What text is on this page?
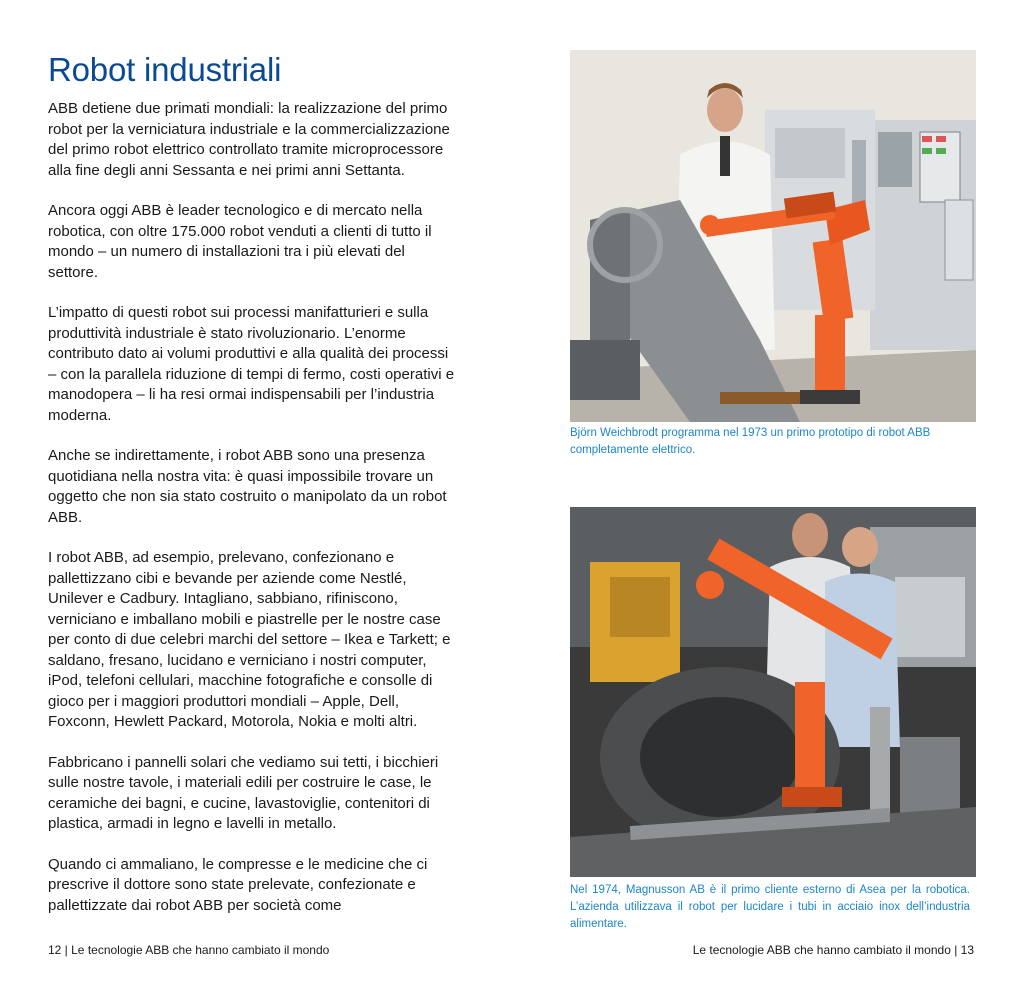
Robot industriali

ABB detiene due primati mondiali: la realizzazione del primo robot per la verniciatura industriale e la commercializzazione del primo robot elettrico controllato tramite microprocessore alla fine degli anni Sessanta e nei primi anni Settanta.

Ancora oggi ABB è leader tecnologico e di mercato nella robotica, con oltre 175.000 robot venduti a clienti di tutto il mondo – un numero di installazioni tra i più elevati del settore.

L’impatto di questi robot sui processi manifatturieri e sulla produttività industriale è stato rivoluzionario. L’enorme contributo dato ai volumi produttivi e alla qualità dei processi – con la parallela riduzione di tempi di fermo, costi operativi e manodopera – li ha resi ormai indispensabili per l’industria moderna.

Anche se indirettamente, i robot ABB sono una presenza quotidiana nella nostra vita: è quasi impossibile trovare un oggetto che non sia stato costruito o manipolato da un robot ABB.

I robot ABB, ad esempio, prelevano, confezionano e pallettizzano cibi e bevande per aziende come Nestlé, Unilever e Cadbury. Intagliano, sabbiano, rifiniscono, verniciano e imballano mobili e piastrelle per le nostre case per conto di due celebri marchi del settore – Ikea e Tarkett; e saldano, fresano, lucidano e verniciano i nostri computer, iPod, telefoni cellulari, macchine fotografiche e consolle di gioco per i maggiori produttori mondiali – Apple, Dell, Foxconn, Hewlett Packard, Motorola, Nokia e molti altri.

Fabbricano i pannelli solari che vediamo sui tetti, i bicchieri sulle nostre tavole, i materiali edili per costruire le case, le ceramiche dei bagni, e cucine, lavastoviglie, contenitori di plastica, armadi in legno e lavelli in metallo.

Quando ci ammaliano, le compresse e le medicine che ci prescrive il dottore sono state prelevate, confezionate e pallettizzate dai robot ABB per società come

Björn Weichbrodt programma nel 1973 un primo prototipo di robot ABB completamente elettrico.
Nel 1974, Magnusson AB è il primo cliente esterno di Asea per la robotica. L’azienda utilizzava il robot per lucidare i tubi in acciaio inox dell’industria alimentare.
12 | Le tecnologie ABB che hanno cambiato il mondo	Le tecnologie ABB che hanno cambiato il mondo | 13
